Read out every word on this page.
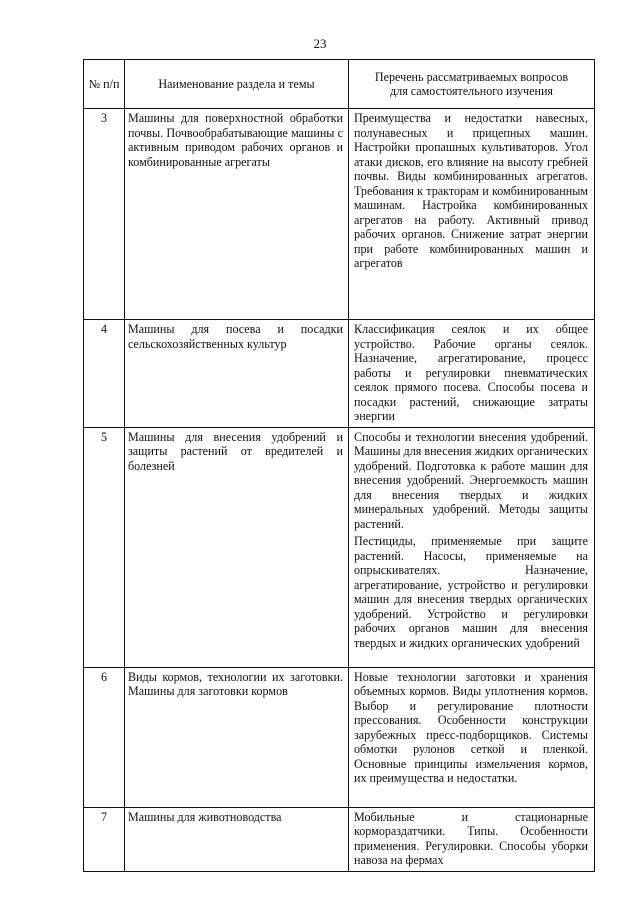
23
№ п/п	Наименование раздела и темы	Перечень рассматриваемых вопросов для самостоятельного изучения
3	Машины для поверхностной обработки почвы. Почвообрабатывающие машины с активным приводом рабочих органов и комбинированные агрегаты	Преимущества и недостатки навесных, полунавесных и прицепных машин. Настройки пропашных культиваторов. Угол атаки дисков, его влияние на высоту гребней почвы. Виды комбинированных агрегатов. Требования к тракторам и комбинированным машинам. Настройка комбинированных агрегатов на работу. Активный привод рабочих органов. Снижение затрат энергии при работе комбинированных машин и агрегатов

4	Машины для посева и посадки сельскохозяйственных культур	Классификация сеялок и их общее устройство. Рабочие органы сеялок. Назначение, агрегатирование, процесс работы и регулировки пневматических сеялок прямого посева. Способы посева и посадки растений, снижающие затраты энергии

5	Машины для внесения удобрений и защиты растений от вредителей и болезней	Способы и технологии внесения удобрений. Машины для внесения жидких органических удобрений. Подготовка к работе машин для внесения удобрений. Энергоемкость машин для внесения твердых и жидких минеральных удобрений. Методы защиты растений.
Пестициды, применяемые при защите растений. Насосы, применяемые на опрыскивателях. Назначение, агрегатирование, устройство и регулировки машин для внесения твердых органических удобрений. Устройство и регулировки рабочих органов машин для внесения твердых и жидких органических удобрений

6	Виды кормов, технологии их заготовки. Машины для заготовки кормов	Новые технологии заготовки и хранения объемных кормов. Виды уплотнения кормов. Выбор и регулирование плотности прессования. Особенности конструкции зарубежных пресс-подборщиков. Системы обмотки рулонов сеткой и пленкой. Основные принципы измельчения кормов, их преимущества и недостатки.

7	Машины для животноводства	Мобильные и стационарные кормораздатчики. Типы. Особенности применения. Регулировки. Способы уборки навоза на фермах
